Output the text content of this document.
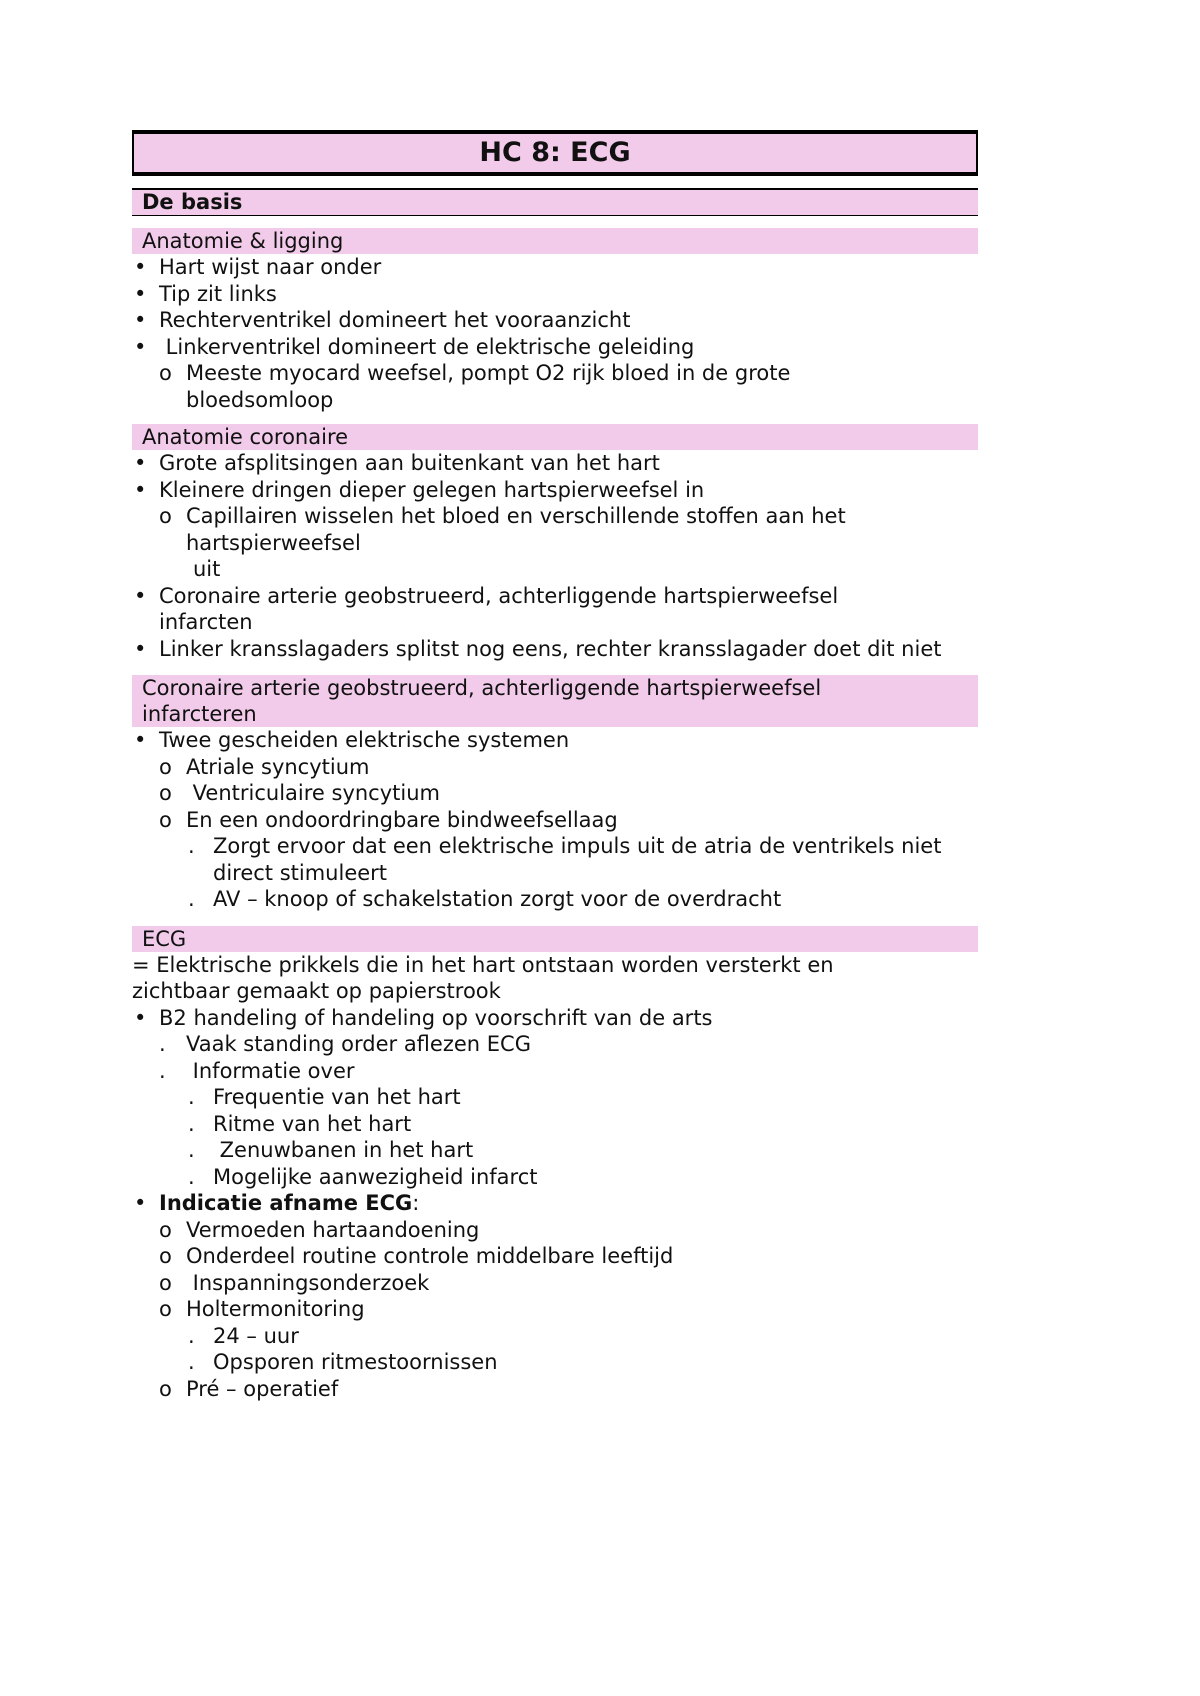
HC 8: ECG
De basis
Anatomie & ligging
• Hart wijst naar onder
• Tip zit links
• Rechterventrikel domineert het vooraanzicht
• Linkerventrikel domineert de elektrische geleiding
o Meeste myocard weefsel, pompt O2 rijk bloed in de grote bloedsomloop
Anatomie coronaire
• Grote afsplitsingen aan buitenkant van het hart
• Kleinere dringen dieper gelegen hartspierweefsel in
o Capillairen wisselen het bloed en verschillende stoffen aan het hartspierweefsel
uit
• Coronaire arterie geobstrueerd, achterliggende hartspierweefsel infarcten
• Linker kransslagaders splitst nog eens, rechter kransslagader doet dit niet
Coronaire arterie geobstrueerd, achterliggende hartspierweefsel infarcteren
• Twee gescheiden elektrische systemen
o Atriale syncytium
o Ventriculaire syncytium
o En een ondoordringbare bindweefsellaag
. Zorgt ervoor dat een elektrische impuls uit de atria de ventrikels niet direct stimuleert
. AV – knoop of schakelstation zorgt voor de overdracht
ECG
= Elektrische prikkels die in het hart ontstaan worden versterkt en zichtbaar gemaakt op papierstrook
• B2 handeling of handeling op voorschrift van de arts
. Vaak standing order aflezen ECG
. Informatie over
. Frequentie van het hart
. Ritme van het hart
. Zenuwbanen in het hart
. Mogelijke aanwezigheid infarct
• Indicatie afname ECG:
o Vermoeden hartaandoening
o Onderdeel routine controle middelbare leeftijd
o Inspanningsonderzoek
o Holtermonitoring
. 24 – uur
. Opsporen ritmestoornissen
o Pré – operatief
